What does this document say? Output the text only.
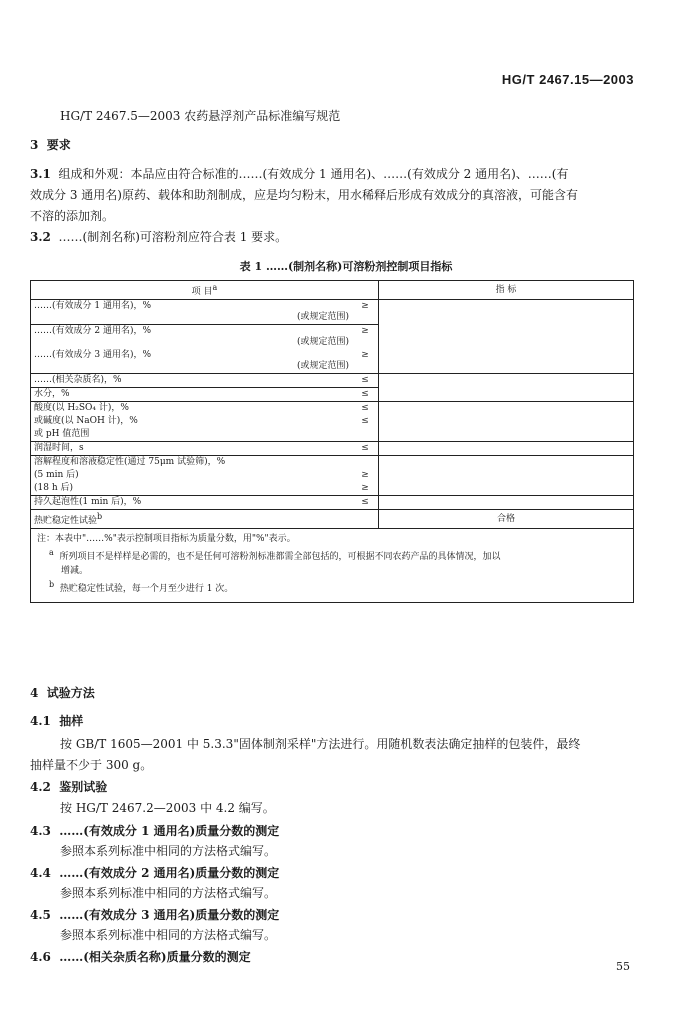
HG/T 2467.15—2003
HG/T 2467.5—2003 农药悬浮剂产品标准编写规范
3 要求
3.1 组成和外观：本品应由符合标准的……(有效成分 1 通用名)、……(有效成分 2 通用名)、……(有
效成分 3 通用名)原药、载体和助剂制成，应是均匀粉末，用水稀释后形成有效成分的真溶液，可能含有
不溶的添加剂。
3.2 ……(制剂名称)可溶粉剂应符合表 1 要求。
表 1 ……(制剂名称)可溶粉剂控制项目指标
项 目$^a$		指 标

……(有效成分 1 通用名)，%
(或规定范围)	≥	

……(有效成分 2 通用名)，%
(或规定范围)	≥	

……(有效成分 3 通用名)，%
(或规定范围)	≥	

……(相关杂质名)，%	≤	
水分，%	≤	
酸度(以 H₂SO₄ 计)，%	≤	
或碱度(以 NaOH 计)，%	≤	
或 pH 值范围		
润湿时间，s	≤	
溶解程度和溶液稳定性(通过 75μm 试验筛)，%		
(5 min 后)	≥	
(18 h 后)	≥	
持久起泡性(1 min 后)，%	≤	
热贮稳定性试验$^b$		合格

注：本表中"……%"表示控制项目指标为质量分数，用"%"表示。
$^a$ 所列项目不是样样是必需的，也不是任何可溶粉剂标准都需全部包括的，可根据不同农药产品的具体情况，加以
增减。
$^b$ 热贮稳定性试验，每一个月至少进行 1 次。		
4 试验方法
4.1 抽样
按 GB/T 1605—2001 中 5.3.3"固体制剂采样"方法进行。用随机数表法确定抽样的包装件，最终
抽样量不少于 300 g。
4.2 鉴别试验
按 HG/T 2467.2—2003 中 4.2 编写。
4.3 ……(有效成分 1 通用名)质量分数的测定
参照本系列标准中相同的方法格式编写。
4.4 ……(有效成分 2 通用名)质量分数的测定
参照本系列标准中相同的方法格式编写。
4.5 ……(有效成分 3 通用名)质量分数的测定
参照本系列标准中相同的方法格式编写。
4.6 ……(相关杂质名称)质量分数的测定
55
